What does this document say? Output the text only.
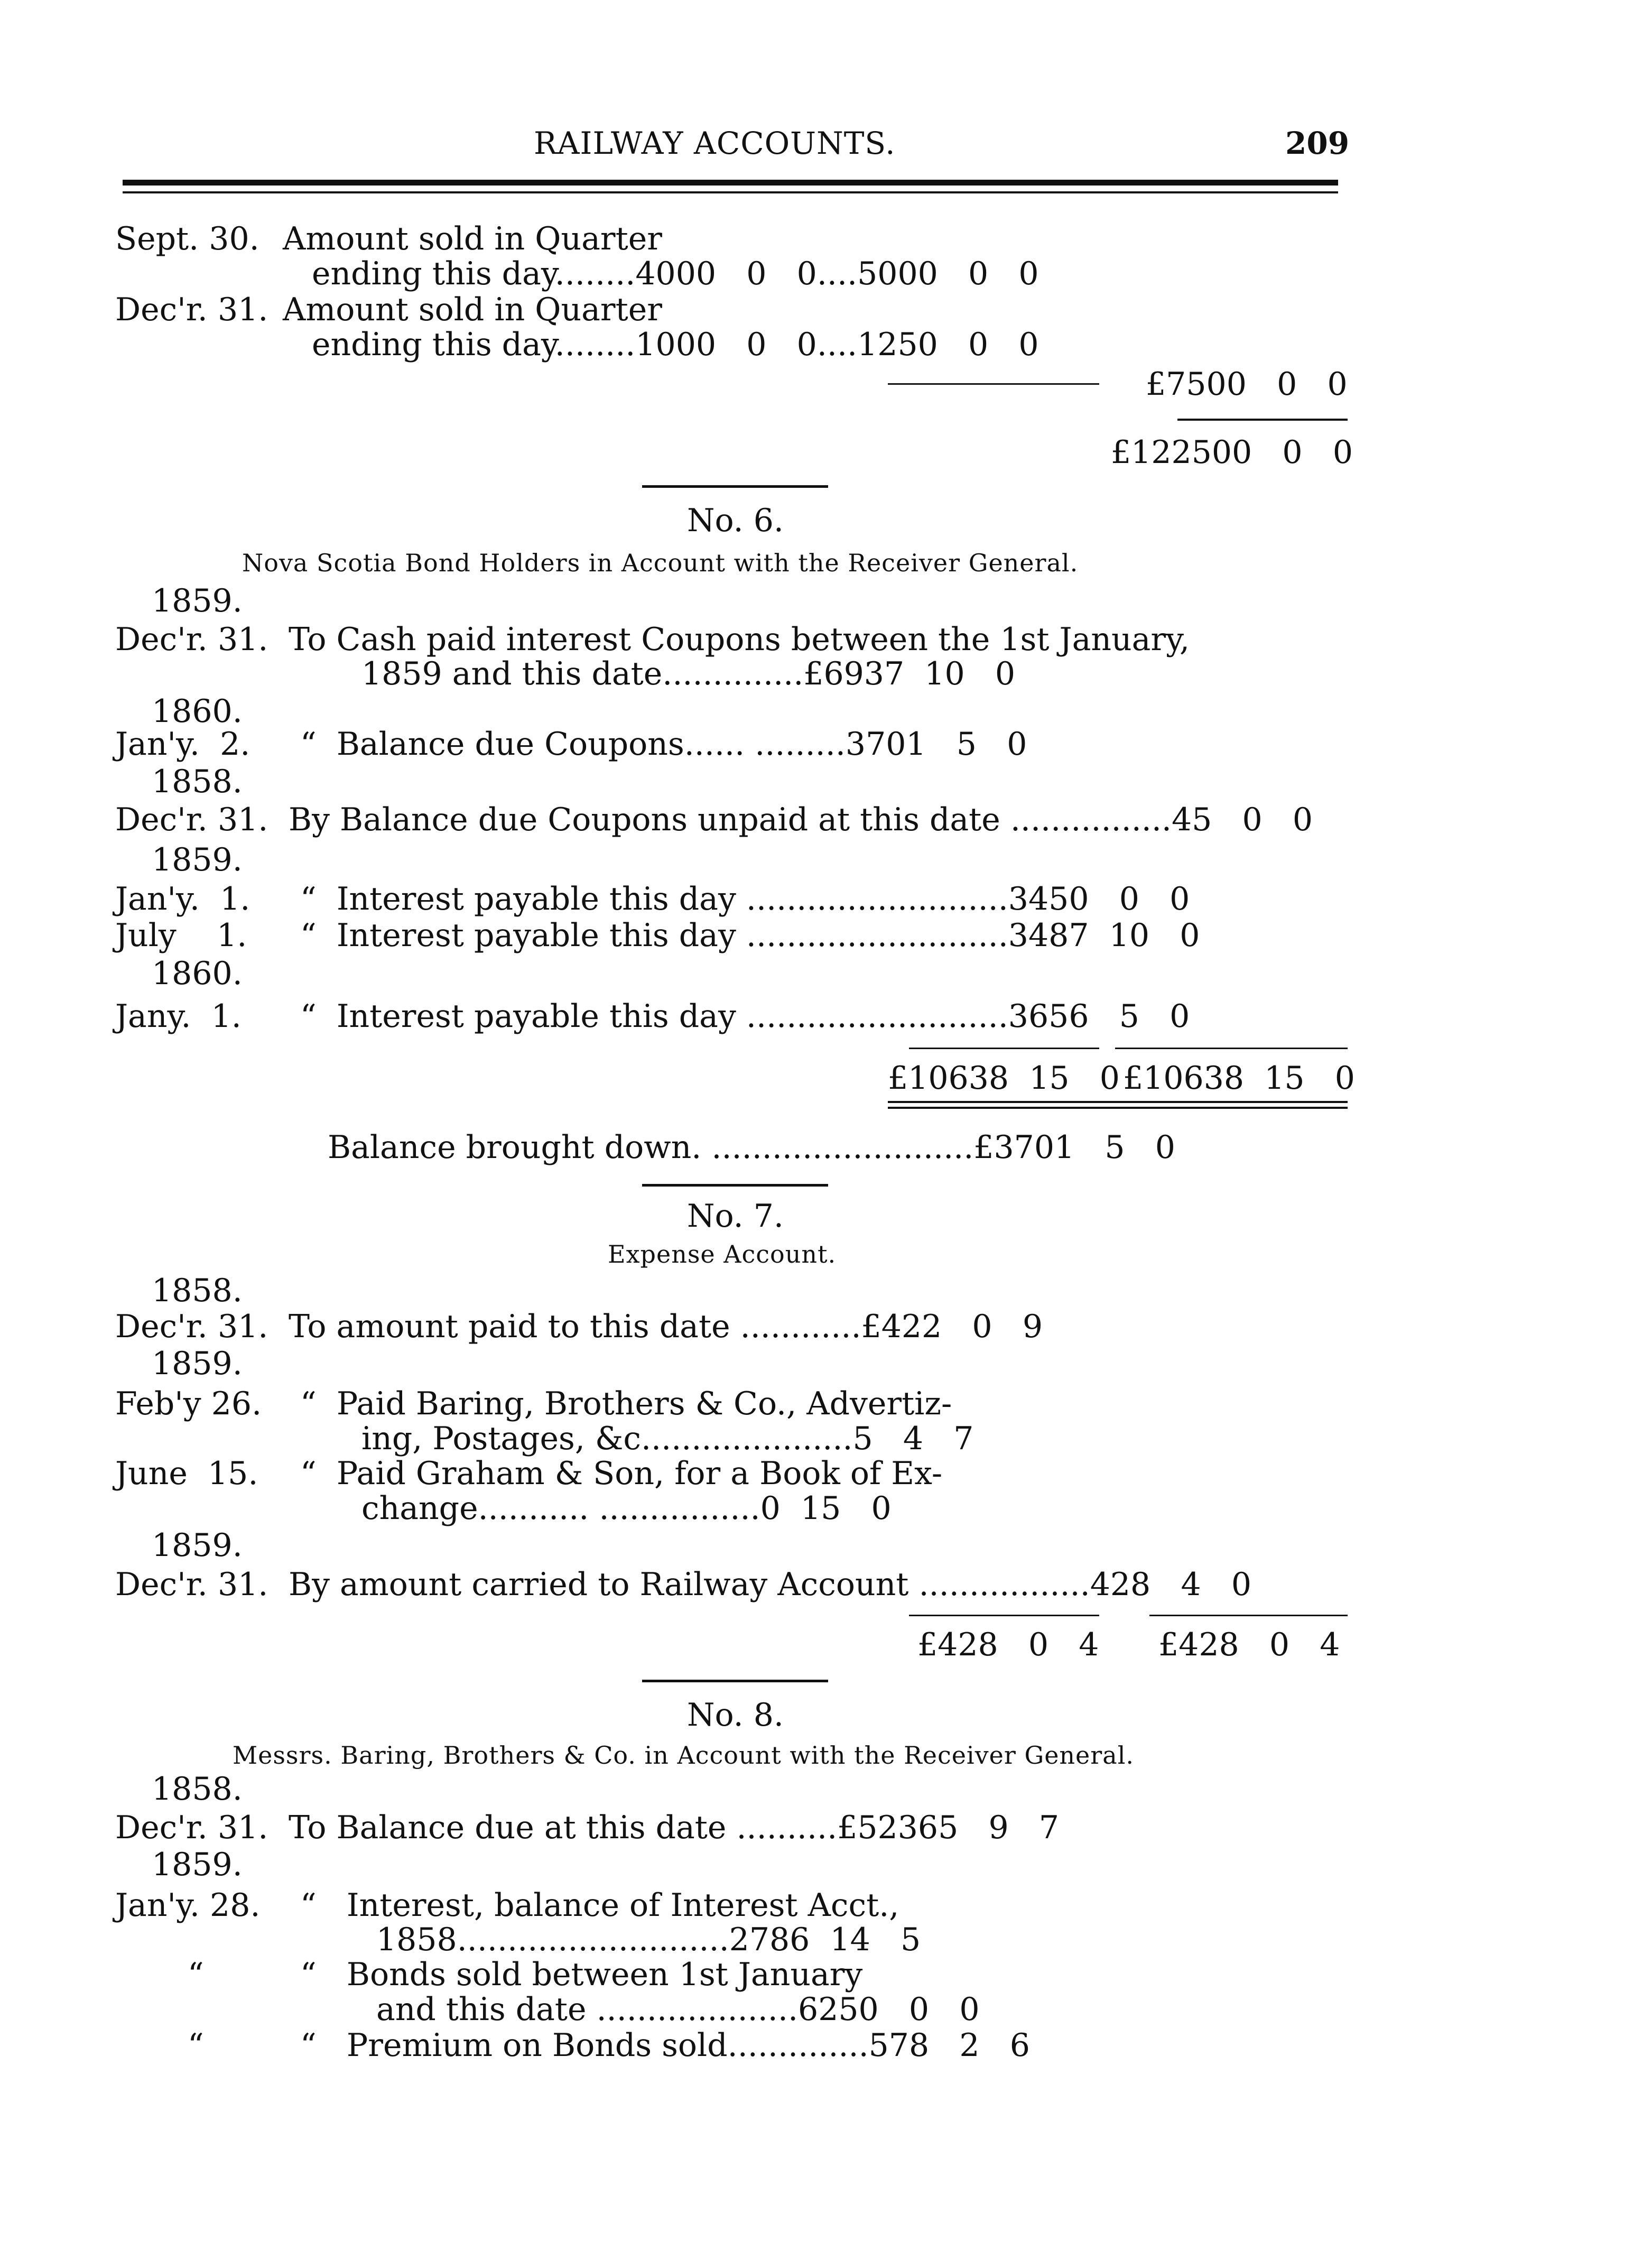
RAILWAY ACCOUNTS.	209
Sept. 30. Amount sold in Quarter
ending this day........4000   0   0....5000   0   0
Dec'r. 31. Amount sold in Quarter
ending this day........1000   0   0....1250   0   0
£7500   0   0
£122500   0   0
No. 6.
Nova Scotia Bond Holders in Account with the Receiver General.
1859.
Dec'r. 31. To Cash paid interest Coupons between the 1st January,
1859 and this date..............£6937  10   0
1860.
Jan'y.  2. “  Balance due Coupons...... .........3701   5   0
1858.
Dec'r. 31. By Balance due Coupons unpaid at this date ................45   0   0
1859.
Jan'y.  1. “  Interest payable this day ..........................3450   0   0
July    1. “  Interest payable this day ..........................3487  10   0
1860.
Jany.  1. “  Interest payable this day ..........................3656   5   0
£10638  15   0 £10638  15   0
Balance brought down. ..........................£3701   5   0
No. 7.
Expense Account.
1858.
Dec'r. 31. To amount paid to this date ............£422   0   9
1859.
Feb'y 26. “  Paid Baring, Brothers & Co., Advertiz-
ing, Postages, &c.....................5   4   7
June  15. “  Paid Graham & Son, for a Book of Ex-
change........... ................0  15   0
1859.
Dec'r. 31. By amount carried to Railway Account .................428   4   0
£428   0   4 £428   0   4
No. 8.
Messrs. Baring, Brothers & Co. in Account with the Receiver General.
1858.
Dec'r. 31. To Balance due at this date ..........£52365   9   7
1859.
Jan'y. 28. “   Interest, balance of Interest Acct.,
1858...........................2786  14   5
“	“   Bonds sold between 1st January
and this date ....................6250   0   0
“	“   Premium on Bonds sold..............578   2   6
